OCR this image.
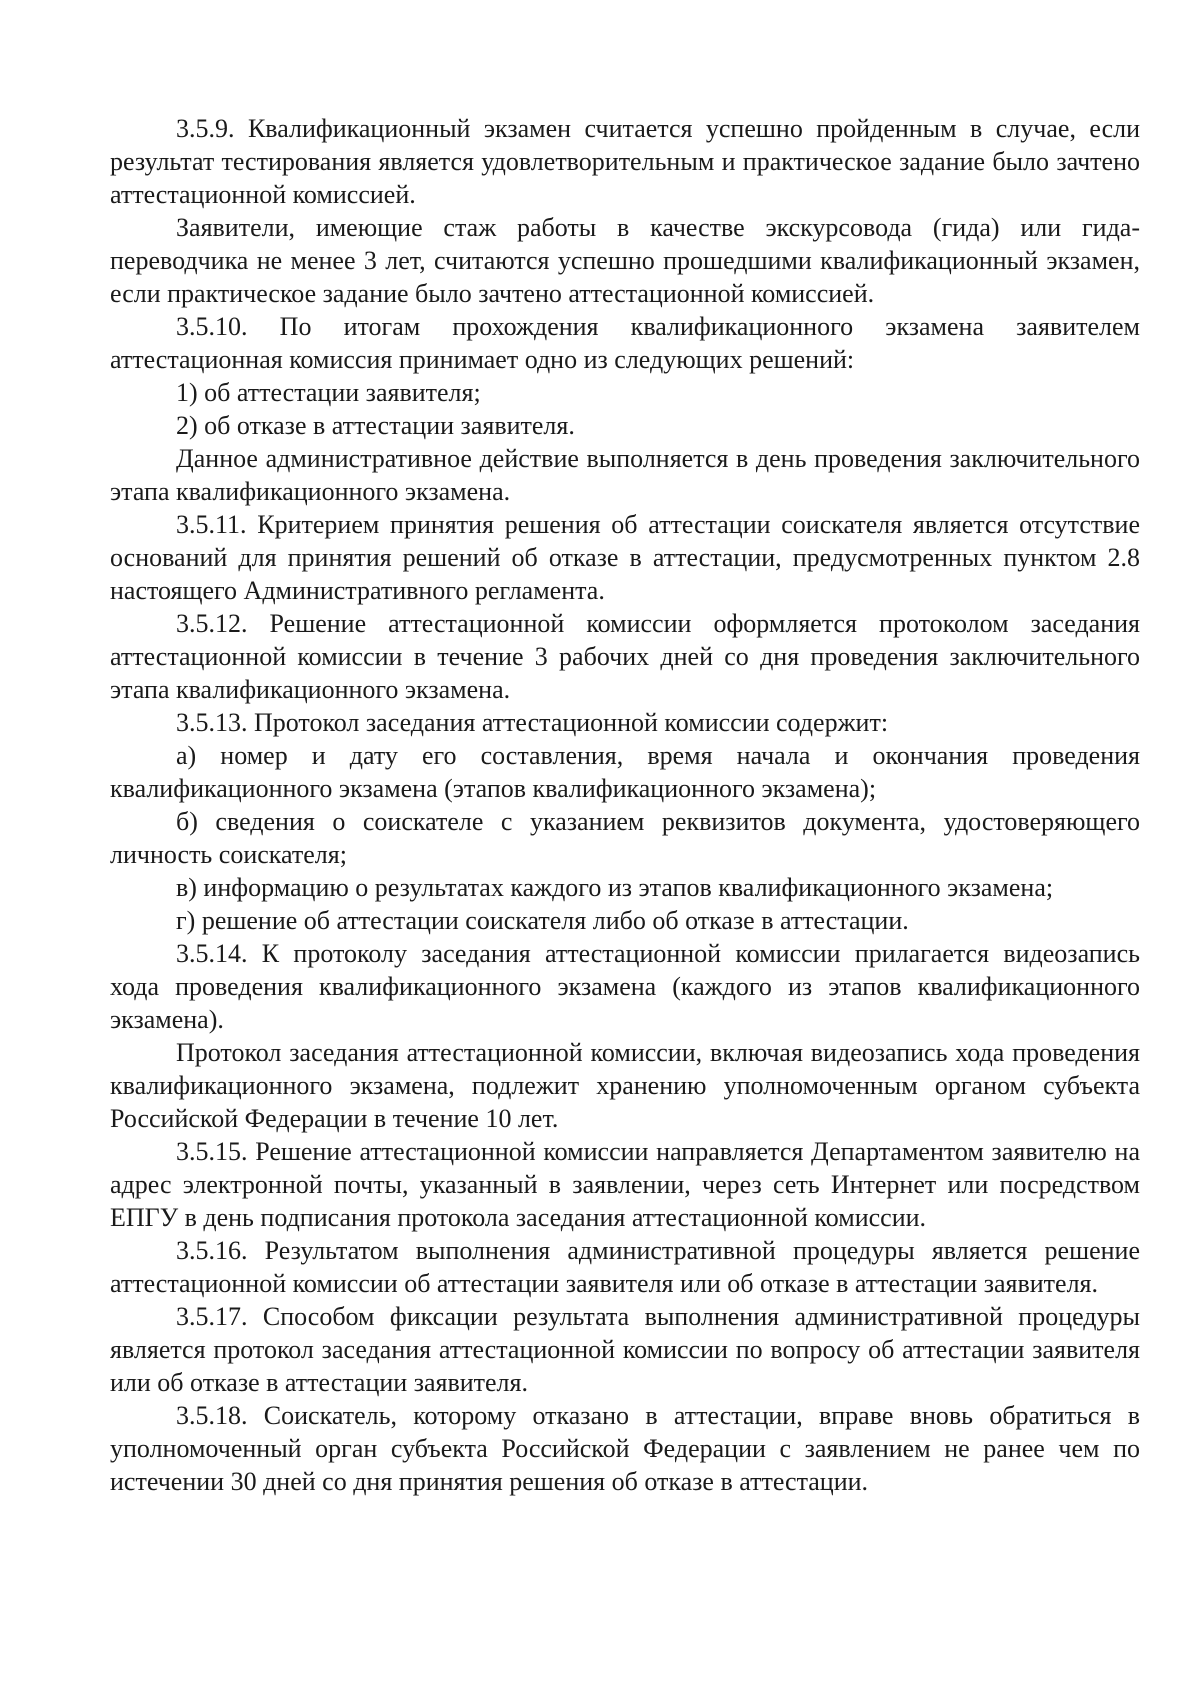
3.5.9. Квалификационный экзамен считается успешно пройденным в случае, если результат тестирования является удовлетворительным и практическое задание было зачтено аттестационной комиссией.

Заявители, имеющие стаж работы в качестве экскурсовода (гида) или гида-переводчика не менее 3 лет, считаются успешно прошедшими квалификационный экзамен, если практическое задание было зачтено аттестационной комиссией.

3.5.10. По итогам прохождения квалификационного экзамена заявителем аттестационная комиссия принимает одно из следующих решений:

1) об аттестации заявителя;

2) об отказе в аттестации заявителя.

Данное административное действие выполняется в день проведения заключительного этапа квалификационного экзамена.

3.5.11. Критерием принятия решения об аттестации соискателя является отсутствие оснований для принятия решений об отказе в аттестации, предусмотренных пунктом 2.8 настоящего Административного регламента.

3.5.12. Решение аттестационной комиссии оформляется протоколом заседания аттестационной комиссии в течение 3 рабочих дней со дня проведения заключительного этапа квалификационного экзамена.

3.5.13. Протокол заседания аттестационной комиссии содержит:

а) номер и дату его составления, время начала и окончания проведения квалификационного экзамена (этапов квалификационного экзамена);

б) сведения о соискателе с указанием реквизитов документа, удостоверяющего личность соискателя;

в) информацию о результатах каждого из этапов квалификационного экзамена;

г) решение об аттестации соискателя либо об отказе в аттестации.

3.5.14. К протоколу заседания аттестационной комиссии прилагается видеозапись хода проведения квалификационного экзамена (каждого из этапов квалификационного экзамена).

Протокол заседания аттестационной комиссии, включая видеозапись хода проведения квалификационного экзамена, подлежит хранению уполномоченным органом субъекта Российской Федерации в течение 10 лет.

3.5.15. Решение аттестационной комиссии направляется Департаментом заявителю на адрес электронной почты, указанный в заявлении, через сеть Интернет или посредством ЕПГУ в день подписания протокола заседания аттестационной комиссии.

3.5.16. Результатом выполнения административной процедуры является решение аттестационной комиссии об аттестации заявителя или об отказе в аттестации заявителя.

3.5.17. Способом фиксации результата выполнения административной процедуры является протокол заседания аттестационной комиссии по вопросу об аттестации заявителя или об отказе в аттестации заявителя.

3.5.18. Соискатель, которому отказано в аттестации, вправе вновь обратиться в уполномоченный орган субъекта Российской Федерации с заявлением не ранее чем по истечении 30 дней со дня принятия решения об отказе в аттестации.
